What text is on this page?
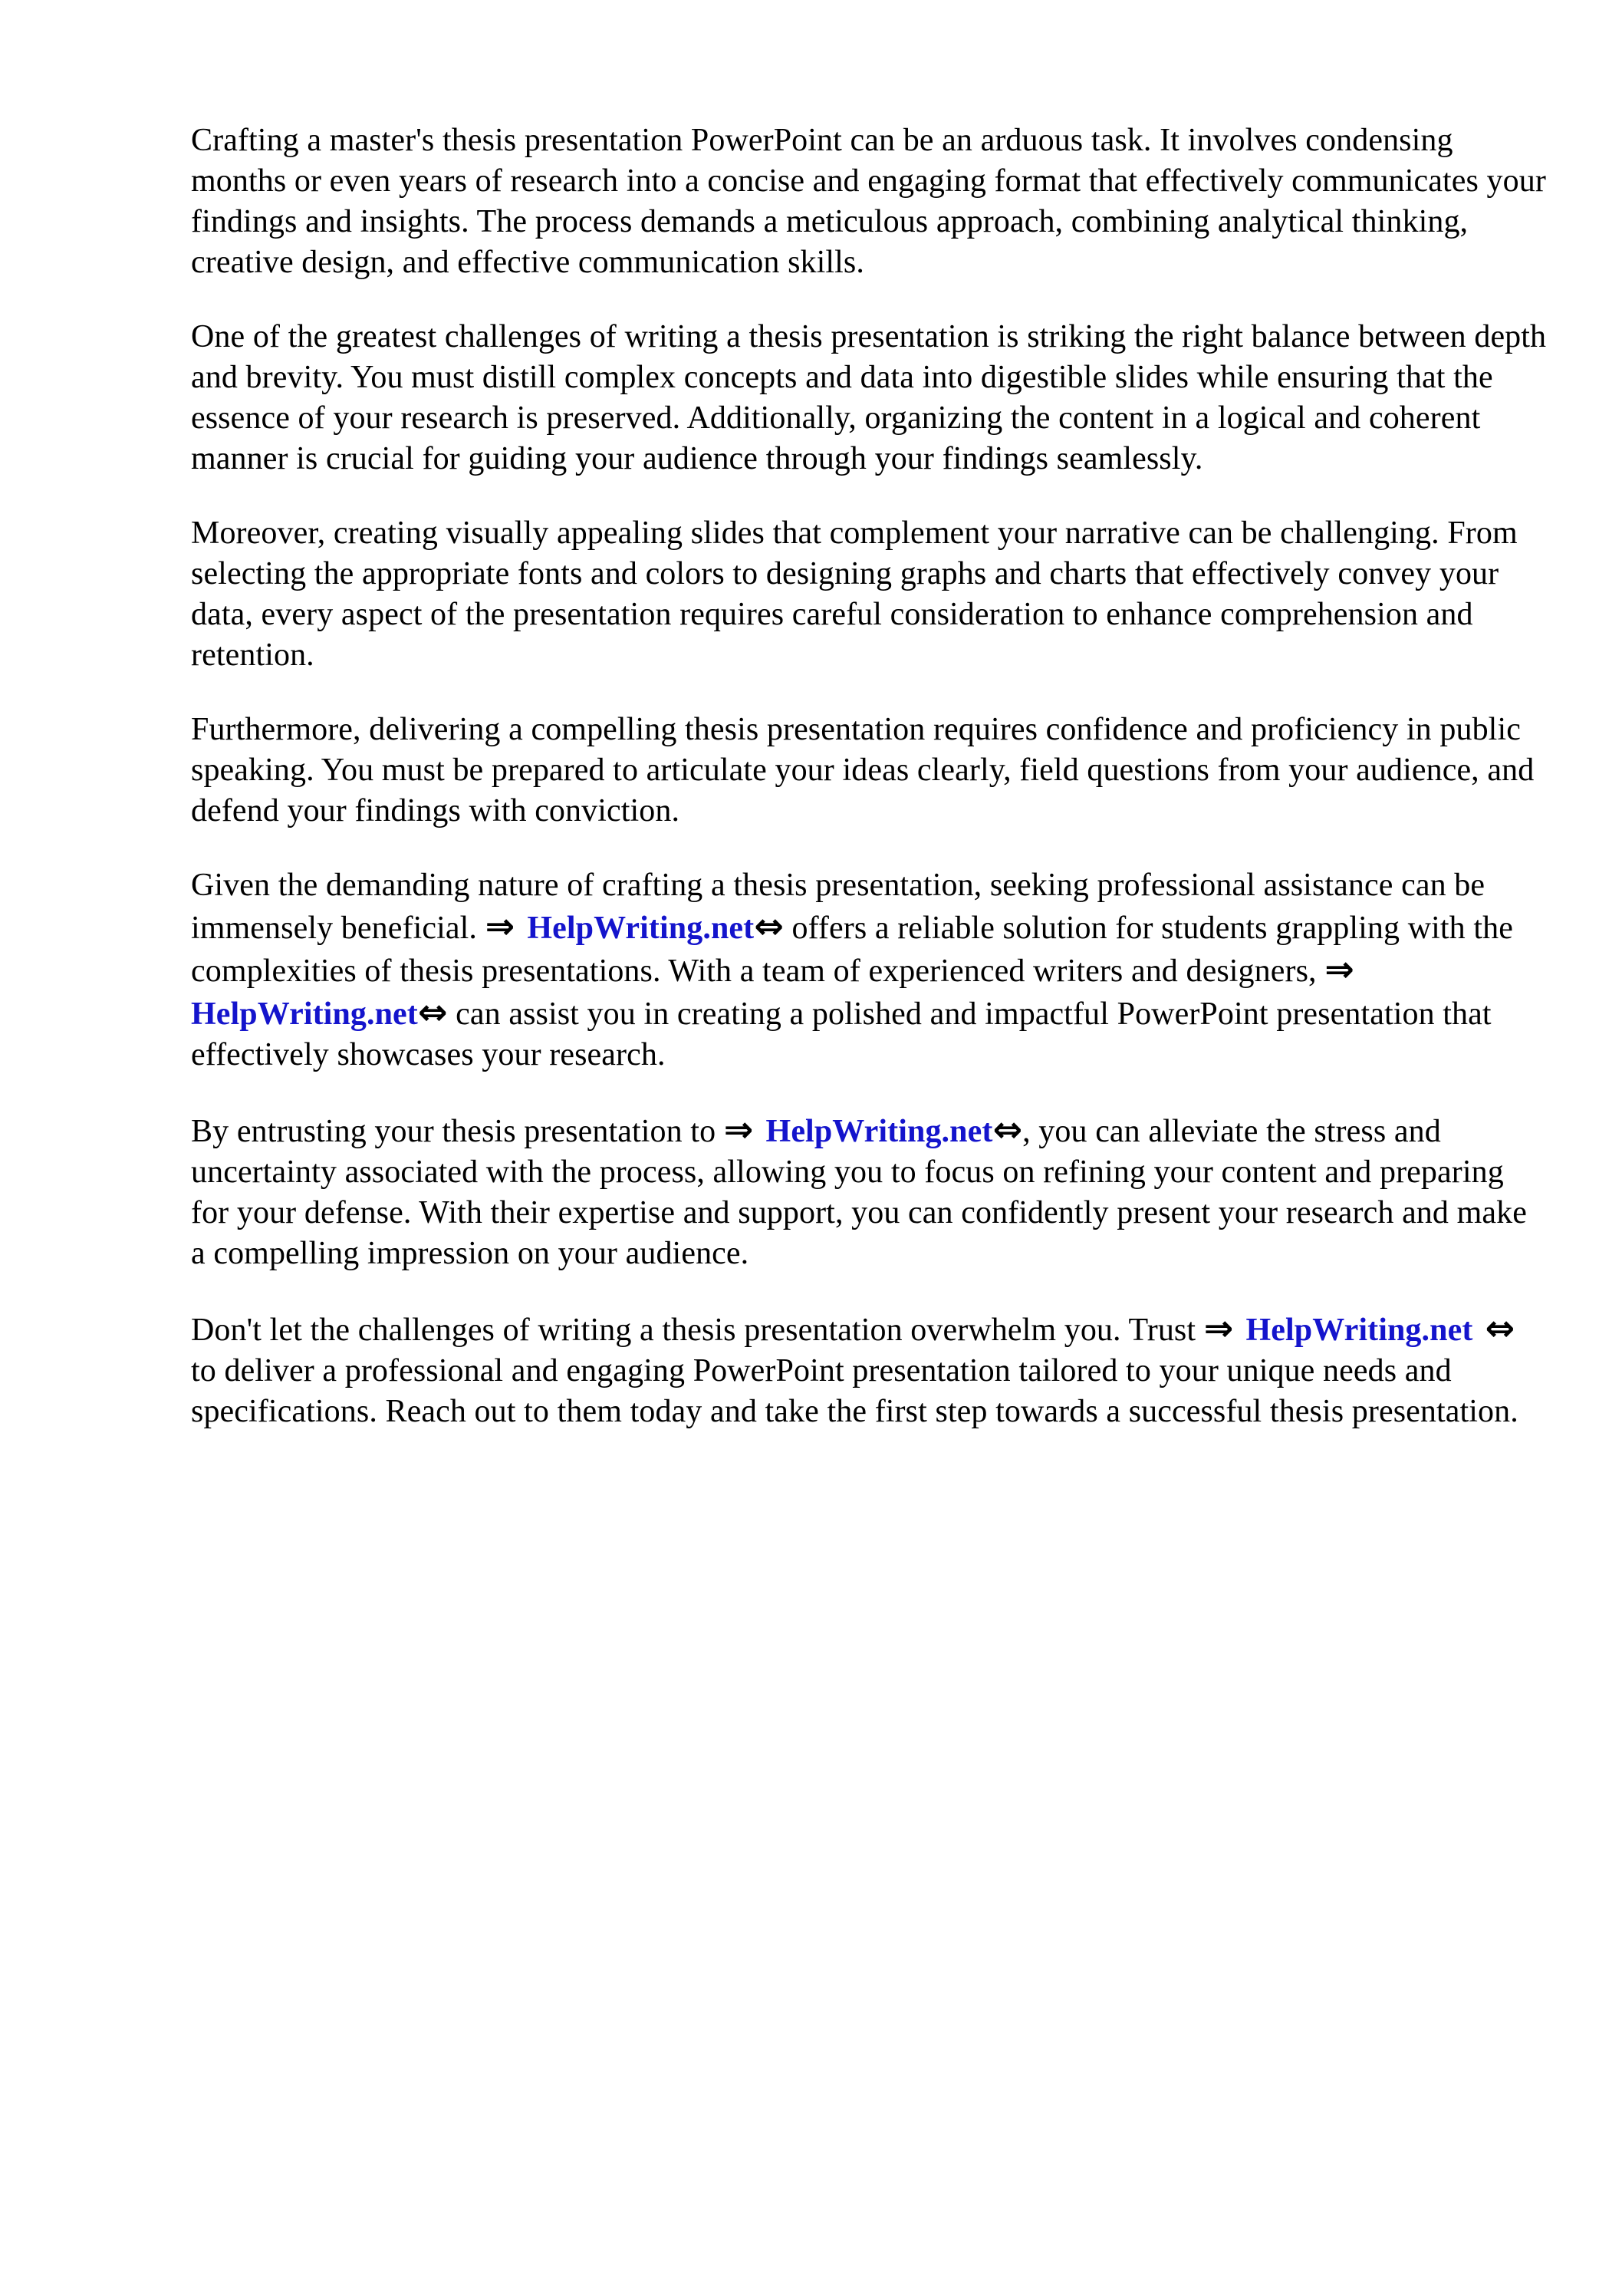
Crafting a master's thesis presentation PowerPoint can be an arduous task. It involves condensing months or even years of research into a concise and engaging format that effectively communicates your findings and insights. The process demands a meticulous approach, combining analytical thinking, creative design, and effective communication skills.

One of the greatest challenges of writing a thesis presentation is striking the right balance between depth and brevity. You must distill complex concepts and data into digestible slides while ensuring that the essence of your research is preserved. Additionally, organizing the content in a logical and coherent manner is crucial for guiding your audience through your findings seamlessly.

Moreover, creating visually appealing slides that complement your narrative can be challenging. From selecting the appropriate fonts and colors to designing graphs and charts that effectively convey your data, every aspect of the presentation requires careful consideration to enhance comprehension and retention.

Furthermore, delivering a compelling thesis presentation requires confidence and proficiency in public speaking. You must be prepared to articulate your ideas clearly, field questions from your audience, and defend your findings with conviction.

Given the demanding nature of crafting a thesis presentation, seeking professional assistance can be immensely beneficial. ⇒ HelpWriting.net⇔ offers a reliable solution for students grappling with the complexities of thesis presentations. With a team of experienced writers and designers, ⇒ HelpWriting.net⇔ can assist you in creating a polished and impactful PowerPoint presentation that effectively showcases your research.

By entrusting your thesis presentation to ⇒ HelpWriting.net⇔, you can alleviate the stress and uncertainty associated with the process, allowing you to focus on refining your content and preparing for your defense. With their expertise and support, you can confidently present your research and make a compelling impression on your audience.

Don't let the challenges of writing a thesis presentation overwhelm you. Trust ⇒ HelpWriting.net ⇔ to deliver a professional and engaging PowerPoint presentation tailored to your unique needs and specifications. Reach out to them today and take the first step towards a successful thesis presentation.
